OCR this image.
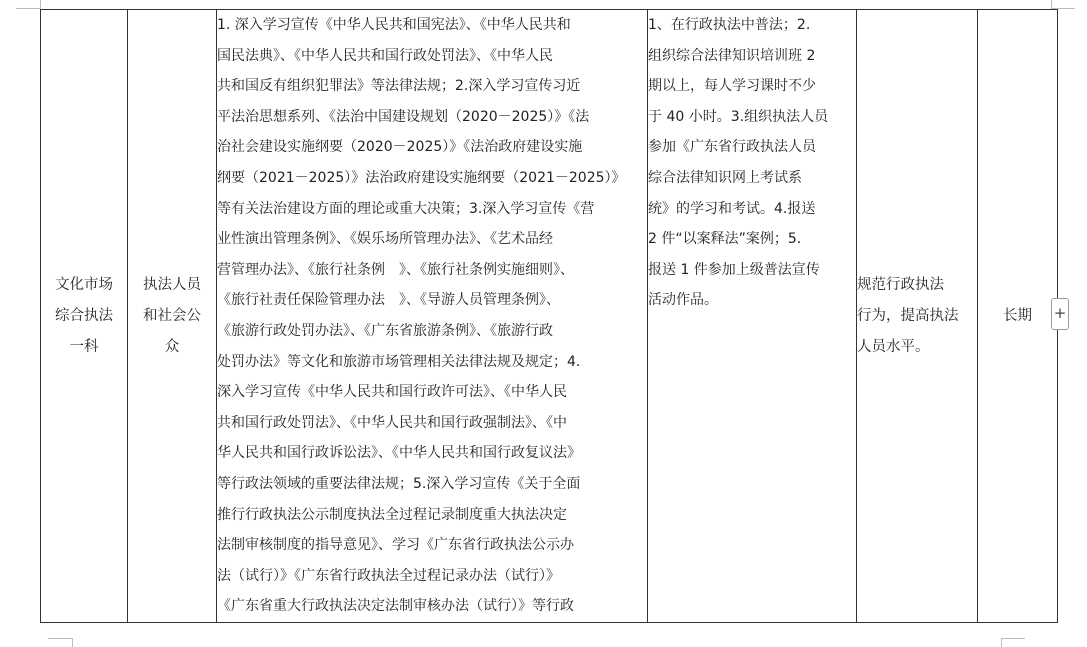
文化市场
综合执法
一科

执法人员
和社会公
众

1. 深入学习宣传《中华人民共和国宪法》、《中华人民共和
国民法典》、《中华人民共和国行政处罚法》、《中华人民
共和国反有组织犯罪法》等法律法规；2.深入学习宣传习近
平法治思想系列、《法治中国建设规划（2020－2025）》《法
治社会建设实施纲要（2020－2025）》《法治政府建设实施
纲要（2021－2025）》法治政府建设实施纲要（2021－2025）》
等有关法治建设方面的理论或重大决策；3.深入学习宣传《营
业性演出管理条例》、《娱乐场所管理办法》、《艺术品经
营管理办法》、《旅行社条例　》、《旅行社条例实施细则》、
《旅行社责任保险管理办法　》、《导游人员管理条例》、
《旅游行政处罚办法》、《广东省旅游条例》、《旅游行政
处罚办法》等文化和旅游市场管理相关法律法规及规定；4.
深入学习宣传《中华人民共和国行政许可法》、《中华人民
共和国行政处罚法》、《中华人民共和国行政强制法》、《中
华人民共和国行政诉讼法》、《中华人民共和国行政复议法》
等行政法领域的重要法律法规；5.深入学习宣传《关于全面
推行行政执法公示制度执法全过程记录制度重大执法决定
法制审核制度的指导意见》、学习《广东省行政执法公示办
法（试行）》《广东省行政执法全过程记录办法（试行）》
《广东省重大行政执法决定法制审核办法（试行）》等行政

1、在行政执法中普法；2.
组织综合法律知识培训班 2
期以上，每人学习课时不少
于 40 小时。3.组织执法人员
参加《广东省行政执法人员
综合法律知识网上考试系
统》的学习和考试。4.报送
2 件“以案释法”案例；5.
报送 1 件参加上级普法宣传
活动作品。

规范行政执法
行为，提高执法
人员水平。

长期	+
